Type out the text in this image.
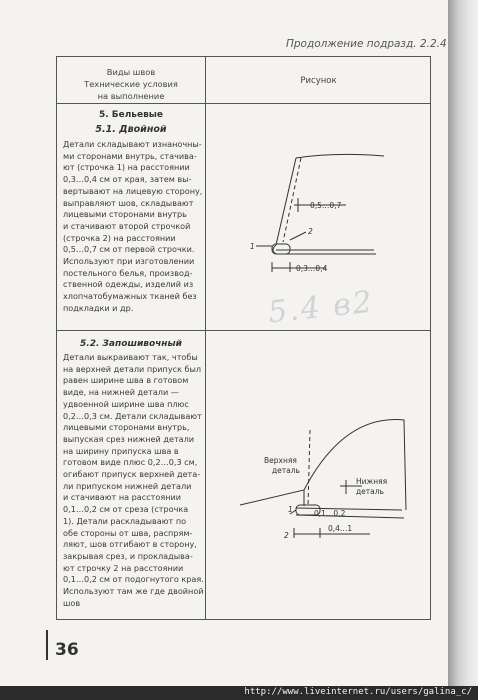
Продолжение подразд. 2.2.4
Виды швов
Технические условия
на выполнение
Рисунок
5. Бельевые
5.1. Двойной
Детали складывают изнаночны-
ми сторонами внутрь, стачива-
ют (строчка 1) на расстоянии
0,3…0,4 см от края, затем вы-
вертывают на лицевую сторону,
выправляют шов, складывают
лицевыми сторонами внутрь
и стачивают второй строчкой
(строчка 2) на расстоянии
0,5…0,7 см от первой строчки.
Используют при изготовлении
постельного белья, производ-
ственной одежды, изделий из
хлопчатобумажных тканей без
подкладки и др.
0,5…0,7
0,3…0,4
1
2
5.4 в2
5.2. Запошивочный
Детали выкраивают так, чтобы
на верхней детали припуск был
равен ширине шва в готовом
виде, на нижней детали —
удвоенной ширине шва плюс
0,2…0,3 см. Детали складывают
лицевыми сторонами внутрь,
выпуская срез нижней детали
на ширину припуска шва в
готовом виде плюс 0,2…0,3 см,
огибают припуск верхней дета-
ли припуском нижней детали
и стачивают на расстоянии
0,1…0,2 см от среза (строчка
1). Детали раскладывают по
обе стороны от шва, распрям-
ляют, шов отгибают в сторону,
закрывая срез, и прокладыва-
ют строчку 2 на расстоянии
0,1…0,2 см от подогнутого края.
Используют там же где двойной
шов
Верхняя
деталь
Нижняя
деталь
0,1…0,2
0,4…1
1
2
36
http://www.liveinternet.ru/users/galina_c/
